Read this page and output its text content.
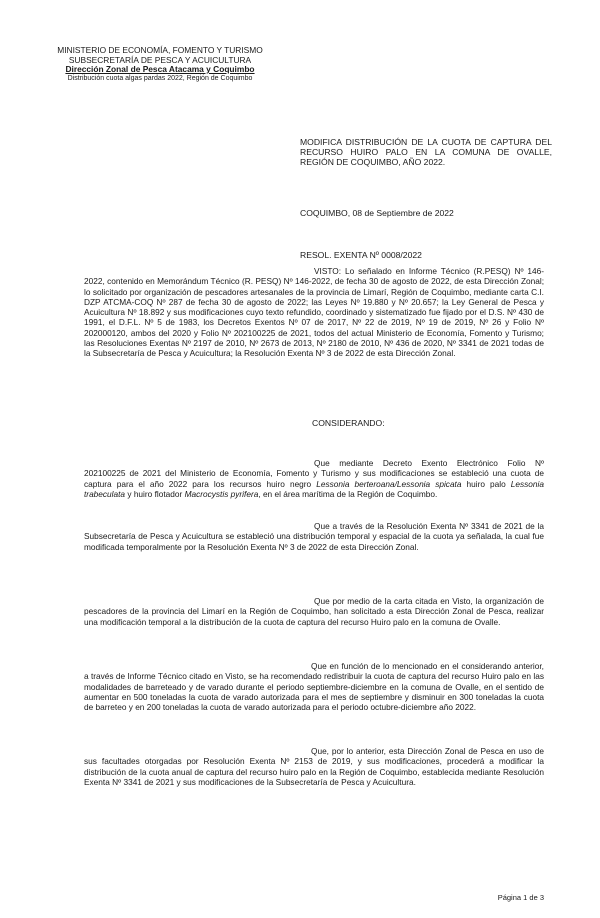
MINISTERIO DE ECONOMÍA, FOMENTO Y TURISMO
SUBSECRETARÍA DE PESCA Y ACUICULTURA
Dirección Zonal de Pesca Atacama y Coquimbo
Distribución cuota algas pardas 2022, Región de Coquimbo
MODIFICA DISTRIBUCIÓN DE LA CUOTA DE CAPTURA DEL RECURSO HUIRO PALO EN LA COMUNA DE OVALLE, REGIÓN DE COQUIMBO, AÑO 2022.
COQUIMBO, 08 de Septiembre de 2022
RESOL. EXENTA Nº 0008/2022
VISTO: Lo señalado en Informe Técnico (R.PESQ) Nº 146-2022, contenido en Memorándum Técnico (R. PESQ) Nº 146-2022, de fecha 30 de agosto de 2022, de esta Dirección Zonal; lo solicitado por organización de pescadores artesanales de la provincia de Limarí, Región de Coquimbo, mediante carta C.I. DZP ATCMA-COQ Nº 287 de fecha 30 de agosto de 2022; las Leyes Nº 19.880 y Nº 20.657; la Ley General de Pesca y Acuicultura Nº 18.892 y sus modificaciones cuyo texto refundido, coordinado y sistematizado fue fijado por el D.S. Nº 430 de 1991, el D.F.L. Nº 5 de 1983, los Decretos Exentos Nº 07 de 2017, Nº 22 de 2019, Nº 19 de 2019, Nº 26 y Folio Nº 202000120, ambos del 2020 y Folio Nº 202100225 de 2021, todos del actual Ministerio de Economía, Fomento y Turismo; las Resoluciones Exentas Nº 2197 de 2010, Nº 2673 de 2013, Nº 2180 de 2010, Nº 436 de 2020, Nº 3341 de 2021 todas de la Subsecretaría de Pesca y Acuicultura; la Resolución Exenta Nº 3 de 2022 de esta Dirección Zonal.
CONSIDERANDO:
Que mediante Decreto Exento Electrónico Folio Nº 202100225 de 2021 del Ministerio de Economía, Fomento y Turismo y sus modificaciones se estableció una cuota de captura para el año 2022 para los recursos huiro negro Lessonia berteroana/Lessonia spicata huiro palo Lessonia trabeculata y huiro flotador Macrocystis pyrifera, en el área marítima de la Región de Coquimbo.
Que a través de la Resolución Exenta Nº 3341 de 2021 de la Subsecretaría de Pesca y Acuicultura se estableció una distribución temporal y espacial de la cuota ya señalada, la cual fue modificada temporalmente por la Resolución Exenta Nº 3 de 2022 de esta Dirección Zonal.
Que por medio de la carta citada en Visto, la organización de pescadores de la provincia del Limarí en la Región de Coquimbo, han solicitado a esta Dirección Zonal de Pesca, realizar una modificación temporal a la distribución de la cuota de captura del recurso Huiro palo en la comuna de Ovalle.
Que en función de lo mencionado en el considerando anterior, a través de Informe Técnico citado en Visto, se ha recomendado redistribuir la cuota de captura del recurso Huiro palo en las modalidades de barreteado y de varado durante el periodo septiembre-diciembre en la comuna de Ovalle, en el sentido de aumentar en 500 toneladas la cuota de varado autorizada para el mes de septiembre y disminuir en 300 toneladas la cuota de barreteo y en 200 toneladas la cuota de varado autorizada para el periodo octubre-diciembre año 2022.
Que, por lo anterior, esta Dirección Zonal de Pesca en uso de sus facultades otorgadas por Resolución Exenta Nº 2153 de 2019, y sus modificaciones, procederá a modificar la distribución de la cuota anual de captura del recurso huiro palo en la Región de Coquimbo, establecida mediante Resolución Exenta Nº 3341 de 2021 y sus modificaciones de la Subsecretaría de Pesca y Acuicultura.
Página 1 de 3
